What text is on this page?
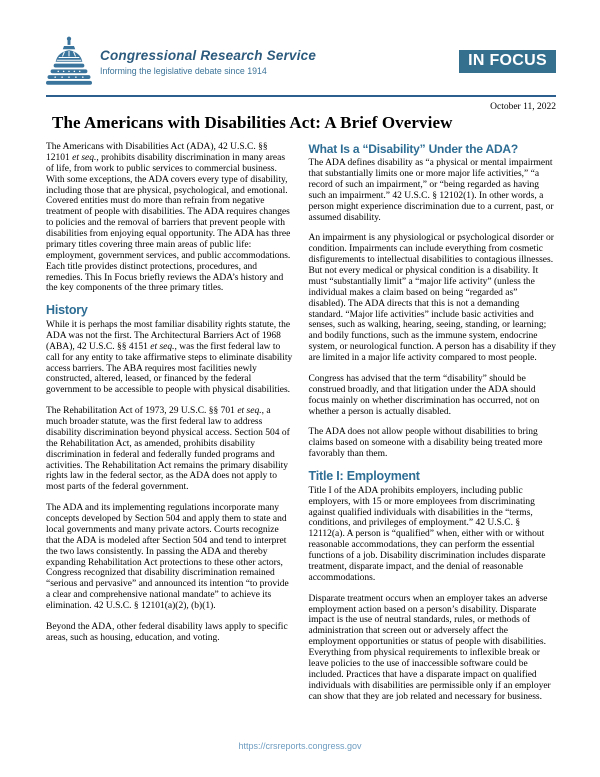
Congressional Research Service
Informing the legislative debate since 1914
IN FOCUS
October 11, 2022
The Americans with Disabilities Act: A Brief Overview

The Americans with Disabilities Act (ADA), 42 U.S.C. §§ 12101 et seq., prohibits disability discrimination in many areas of life, from work to public services to commercial business. With some exceptions, the ADA covers every type of disability, including those that are physical, psychological, and emotional. Covered entities must do more than refrain from negative treatment of people with disabilities. The ADA requires changes to policies and the removal of barriers that prevent people with disabilities from enjoying equal opportunity. The ADA has three primary titles covering three main areas of public life: employment, government services, and public accommodations. Each title provides distinct protections, procedures, and remedies. This In Focus briefly reviews the ADA’s history and the key components of the three primary titles.

History

While it is perhaps the most familiar disability rights statute, the ADA was not the first. The Architectural Barriers Act of 1968 (ABA), 42 U.S.C. §§ 4151 et seq., was the first federal law to call for any entity to take affirmative steps to eliminate disability access barriers. The ABA requires most facilities newly constructed, altered, leased, or financed by the federal government to be accessible to people with physical disabilities.

The Rehabilitation Act of 1973, 29 U.S.C. §§ 701 et seq., a much broader statute, was the first federal law to address disability discrimination beyond physical access. Section 504 of the Rehabilitation Act, as amended, prohibits disability discrimination in federal and federally funded programs and activities. The Rehabilitation Act remains the primary disability rights law in the federal sector, as the ADA does not apply to most parts of the federal government.

The ADA and its implementing regulations incorporate many concepts developed by Section 504 and apply them to state and local governments and many private actors. Courts recognize that the ADA is modeled after Section 504 and tend to interpret the two laws consistently. In passing the ADA and thereby expanding Rehabilitation Act protections to these other actors, Congress recognized that disability discrimination remained “serious and pervasive” and announced its intention “to provide a clear and comprehensive national mandate” to achieve its elimination. 42 U.S.C. § 12101(a)(2), (b)(1).

Beyond the ADA, other federal disability laws apply to specific areas, such as housing, education, and voting.

What Is a “Disability” Under the ADA?

The ADA defines disability as “a physical or mental impairment that substantially limits one or more major life activities,” “a record of such an impairment,” or “being regarded as having such an impairment.” 42 U.S.C. § 12102(1). In other words, a person might experience discrimination due to a current, past, or assumed disability.

An impairment is any physiological or psychological disorder or condition. Impairments can include everything from cosmetic disfigurements to intellectual disabilities to contagious illnesses. But not every medical or physical condition is a disability. It must “substantially limit” a “major life activity” (unless the individual makes a claim based on being “regarded as” disabled). The ADA directs that this is not a demanding standard. “Major life activities” include basic activities and senses, such as walking, hearing, seeing, standing, or learning; and bodily functions, such as the immune system, endocrine system, or neurological function. A person has a disability if they are limited in a major life activity compared to most people.

Congress has advised that the term “disability” should be construed broadly, and that litigation under the ADA should focus mainly on whether discrimination has occurred, not on whether a person is actually disabled.

The ADA does not allow people without disabilities to bring claims based on someone with a disability being treated more favorably than them.

Title I: Employment

Title I of the ADA prohibits employers, including public employers, with 15 or more employees from discriminating against qualified individuals with disabilities in the “terms, conditions, and privileges of employment.” 42 U.S.C. § 12112(a). A person is “qualified” when, either with or without reasonable accommodations, they can perform the essential functions of a job. Disability discrimination includes disparate treatment, disparate impact, and the denial of reasonable accommodations.

Disparate treatment occurs when an employer takes an adverse employment action based on a person’s disability. Disparate impact is the use of neutral standards, rules, or methods of administration that screen out or adversely affect the employment opportunities or status of people with disabilities. Everything from physical requirements to inflexible break or leave policies to the use of inaccessible software could be included. Practices that have a disparate impact on qualified individuals with disabilities are permissible only if an employer can show that they are job related and necessary for business.

https://crsreports.congress.gov
